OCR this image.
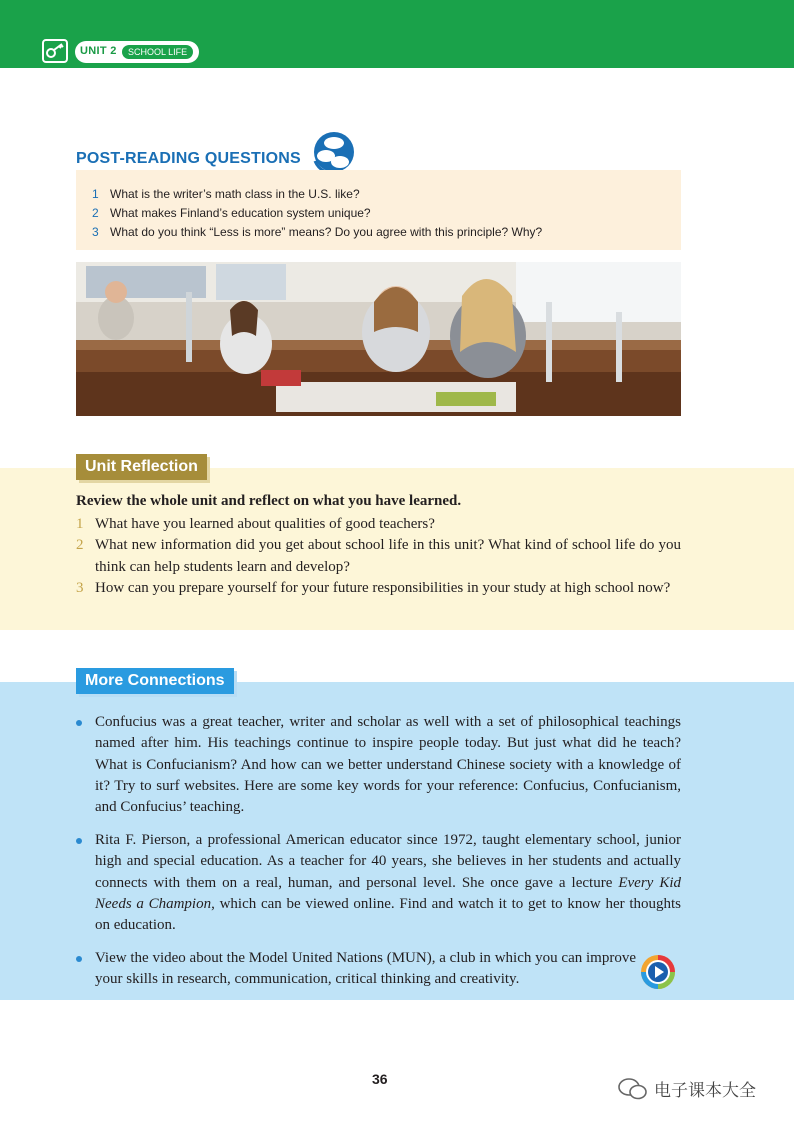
UNIT 2	SCHOOL LIFE
POST-READING QUESTIONS
1 What is the writer’s math class in the U.S. like?
2 What makes Finland’s education system unique?
3 What do you think “Less is more” means? Do you agree with this principle? Why?
Unit Reflection
Review the whole unit and reflect on what you have learned.
1 What have you learned about qualities of good teachers?
2 What new information did you get about school life in this unit? What kind of school life do you think can help students learn and develop?
3 How can you prepare yourself for your future responsibilities in your study at high school now?
More Connections
Confucius was a great teacher, writer and scholar as well with a set of philosophical teachings named after him. His teachings continue to inspire people today. But just what did he teach? What is Confucianism? And how can we better understand Chinese society with a knowledge of it? Try to surf websites. Here are some key words for your reference: Confucius, Confucianism, and Confucius’ teaching.
Rita F. Pierson, a professional American educator since 1972, taught elementary school, junior high and special education. As a teacher for 40 years, she believes in her students and actually connects with them on a real, human, and personal level. She once gave a lecture Every Kid Needs a Champion, which can be viewed online. Find and watch it to get to know her thoughts on education.
View the video about the Model United Nations (MUN), a club in which you can improve your skills in research, communication, critical thinking and creativity.
36
电子课本大全
